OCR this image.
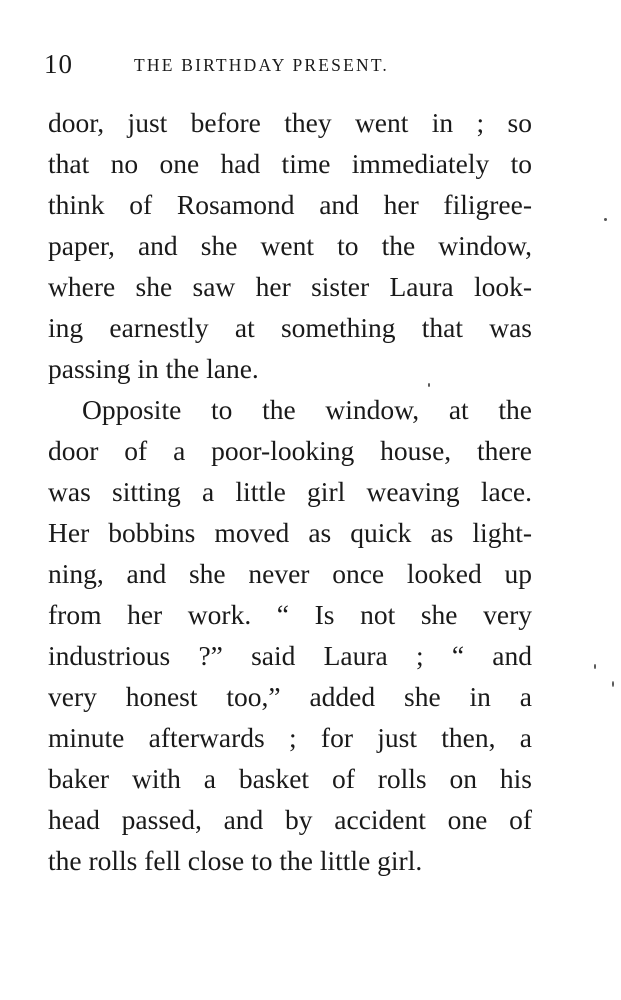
10	THE BIRTHDAY PRESENT.
door, just before they went in ; so
that no one had time immediately to
think of Rosamond and her filigree-
paper, and she went to the window,
where she saw her sister Laura look-
ing earnestly at something that was
passing in the lane.
Opposite to the window, at the
door of a poor-looking house, there
was sitting a little girl weaving lace.
Her bobbins moved as quick as light-
ning, and she never once looked up
from her work. “ Is not she very
industrious ?” said Laura ; “ and
very honest too,” added she in a
minute afterwards ; for just then, a
baker with a basket of rolls on his
head passed, and by accident one of
the rolls fell close to the little girl.
